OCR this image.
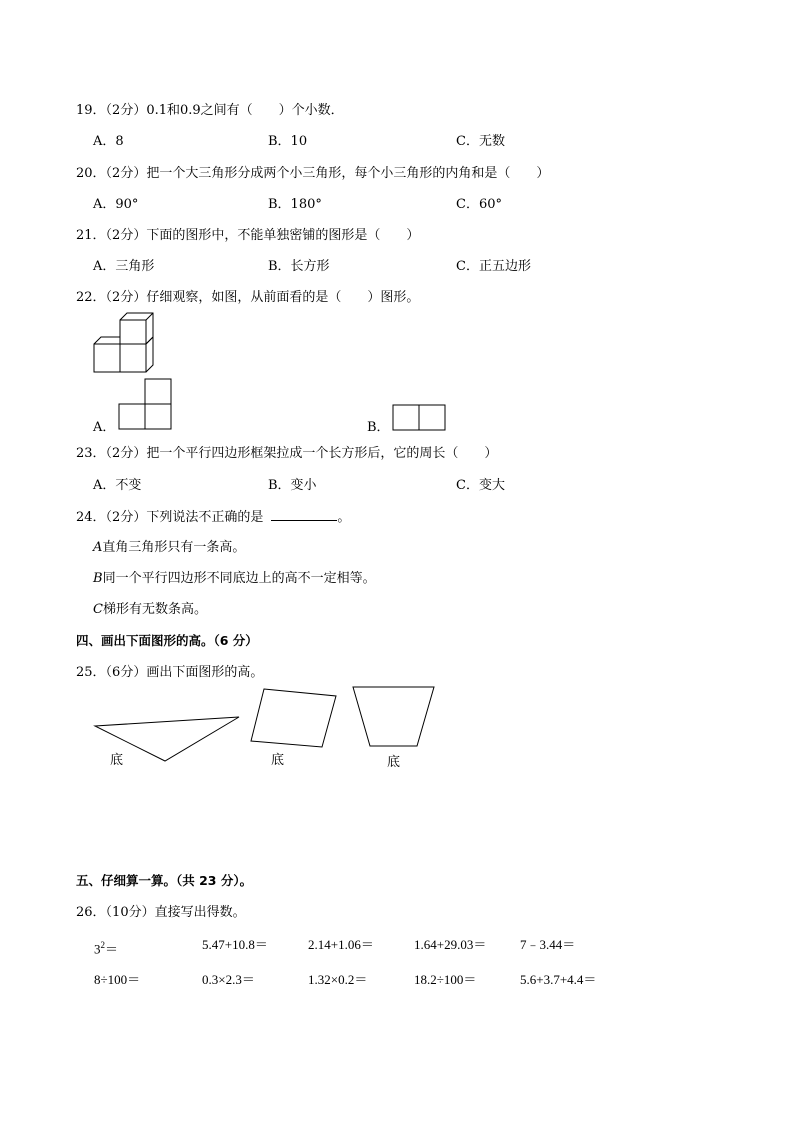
19．（2分）0.1和0.9之间有（　　）个小数．
A．8	B．10	C．无数
20．（2分）把一个大三角形分成两个小三角形，每个小三角形的内角和是（　　）
A．90°	B．180°	C．60°
21．（2分）下面的图形中，不能单独密铺的图形是（　　）
A．三角形	B．长方形	C．正五边形
22．（2分）仔细观察，如图，从前面看的是（　　）图形。
A．	B．
23．（2分）把一个平行四边形框架拉成一个长方形后，它的周长（　　）
A．不变	B．变小	C．变大
24．（2分）下列说法不正确的是	。
A直角三角形只有一条高。
B同一个平行四边形不同底边上的高不一定相等。
C梯形有无数条高。
四、画出下面图形的高。（6 分）
25．（6分）画出下面图形的高。
底	底	底
五、仔细算一算。（共 23 分）。
26．（10分）直接写出得数。
$3^2=$	5.47+10.8＝	2.14+1.06＝	1.64+29.03＝	7﹣3.44＝
8÷100＝	0.3×2.3＝	1.32×0.2＝	18.2÷100＝	5.6+3.7+4.4＝
